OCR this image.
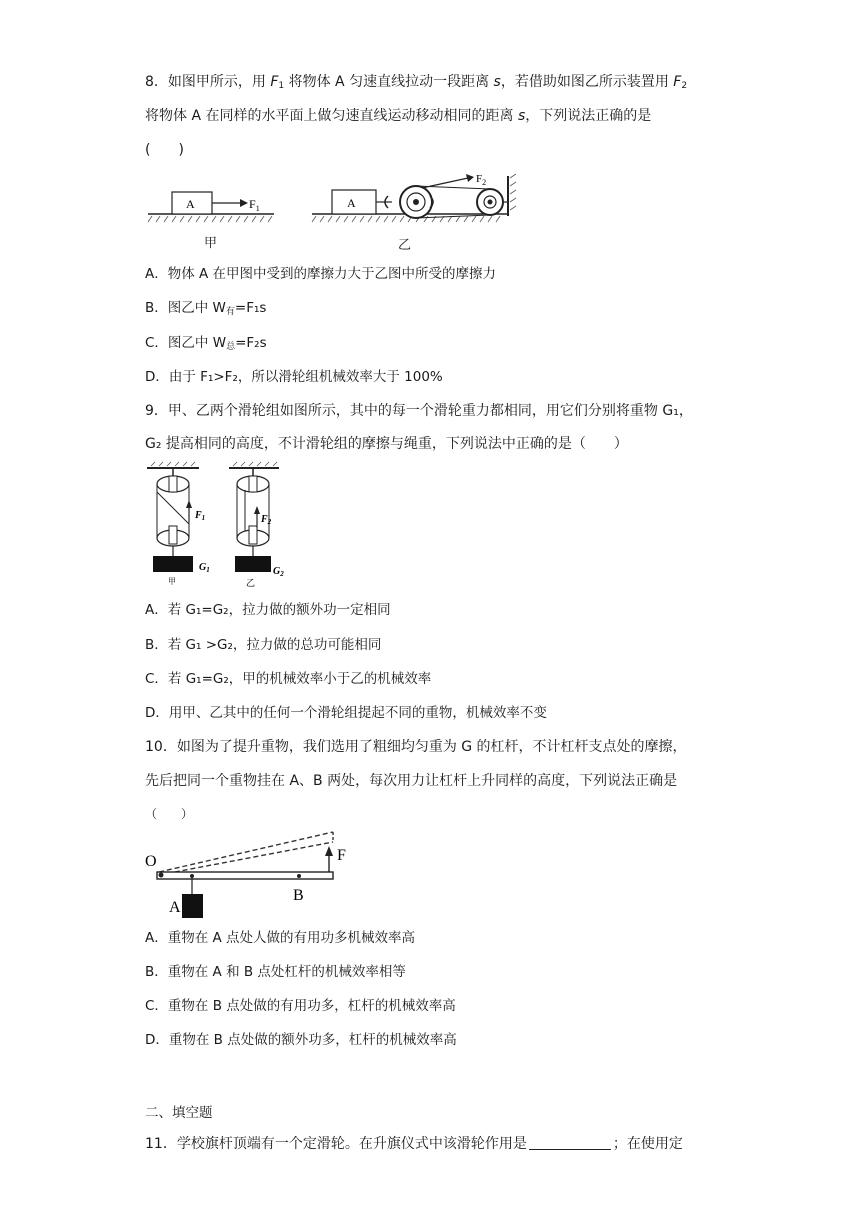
8．如图甲所示，用 $F_1$ 将物体 A 匀速直线拉动一段距离 s，若借助如图乙所示装置用 $F_2$
将物体 A 在同样的水平面上做匀速直线运动移动相同的距离 s，下列说法正确的是
(　　)
A	$F_1$
甲
A
$F_2$
乙
A．物体 A 在甲图中受到的摩擦力大于乙图中所受的摩擦力
B．图乙中 $W_有=F_1s$
C．图乙中 $W_总=F_2s$
D．由于 F₁>F₂，所以滑轮组机械效率大于 100%
9．甲、乙两个滑轮组如图所示，其中的每一个滑轮重力都相同，用它们分别将重物 G₁，
G₂ 提高相同的高度，不计滑轮组的摩擦与绳重，下列说法中正确的是（　　）
$F_1$
$G_1$
甲
$F_2$
$G_2$
乙
A．若 G₁=G₂，拉力做的额外功一定相同
B．若 G₁ >G₂，拉力做的总功可能相同
C．若 G₁=G₂，甲的机械效率小于乙的机械效率
D．用甲、乙其中的任何一个滑轮组提起不同的重物，机械效率不变
10．如图为了提升重物，我们选用了粗细均匀重为 G 的杠杆，不计杠杆支点处的摩擦，
先后把同一个重物挂在 A、B 两处，每次用力让杠杆上升同样的高度，下列说法正确是
（　　）
O	F
A
B
A．重物在 A 点处人做的有用功多机械效率高
B．重物在 A 和 B 点处杠杆的机械效率相等
C．重物在 B 点处做的有用功多，杠杆的机械效率高
D．重物在 B 点处做的额外功多，杠杆的机械效率高
二、填空题
11．学校旗杆顶端有一个定滑轮。在升旗仪式中该滑轮作用是	；在使用定
